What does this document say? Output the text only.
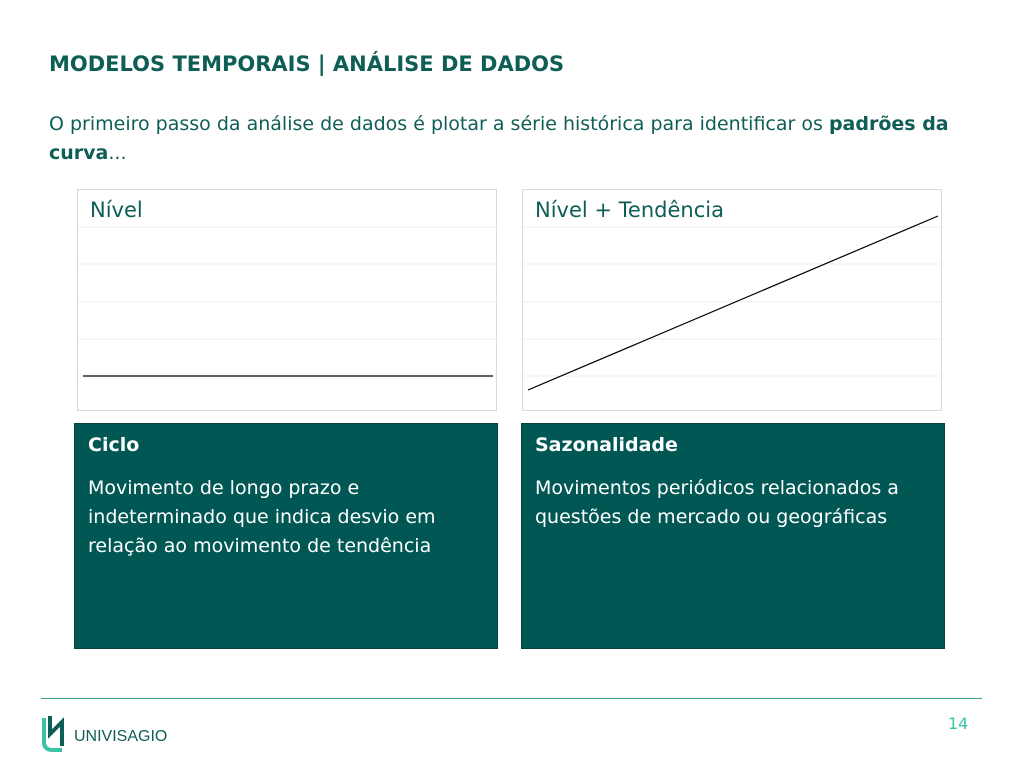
MODELOS TEMPORAIS | ANÁLISE DE DADOS
O primeiro passo da análise de dados é plotar a série histórica para identificar os padrões da curva...
Nível	Nível + Tendência
Ciclo
Movimento de longo prazo e indeterminado que indica desvio em relação ao movimento de tendência
Sazonalidade
Movimentos periódicos relacionados a questões de mercado ou geográficas
UNIVISAGIO
14
